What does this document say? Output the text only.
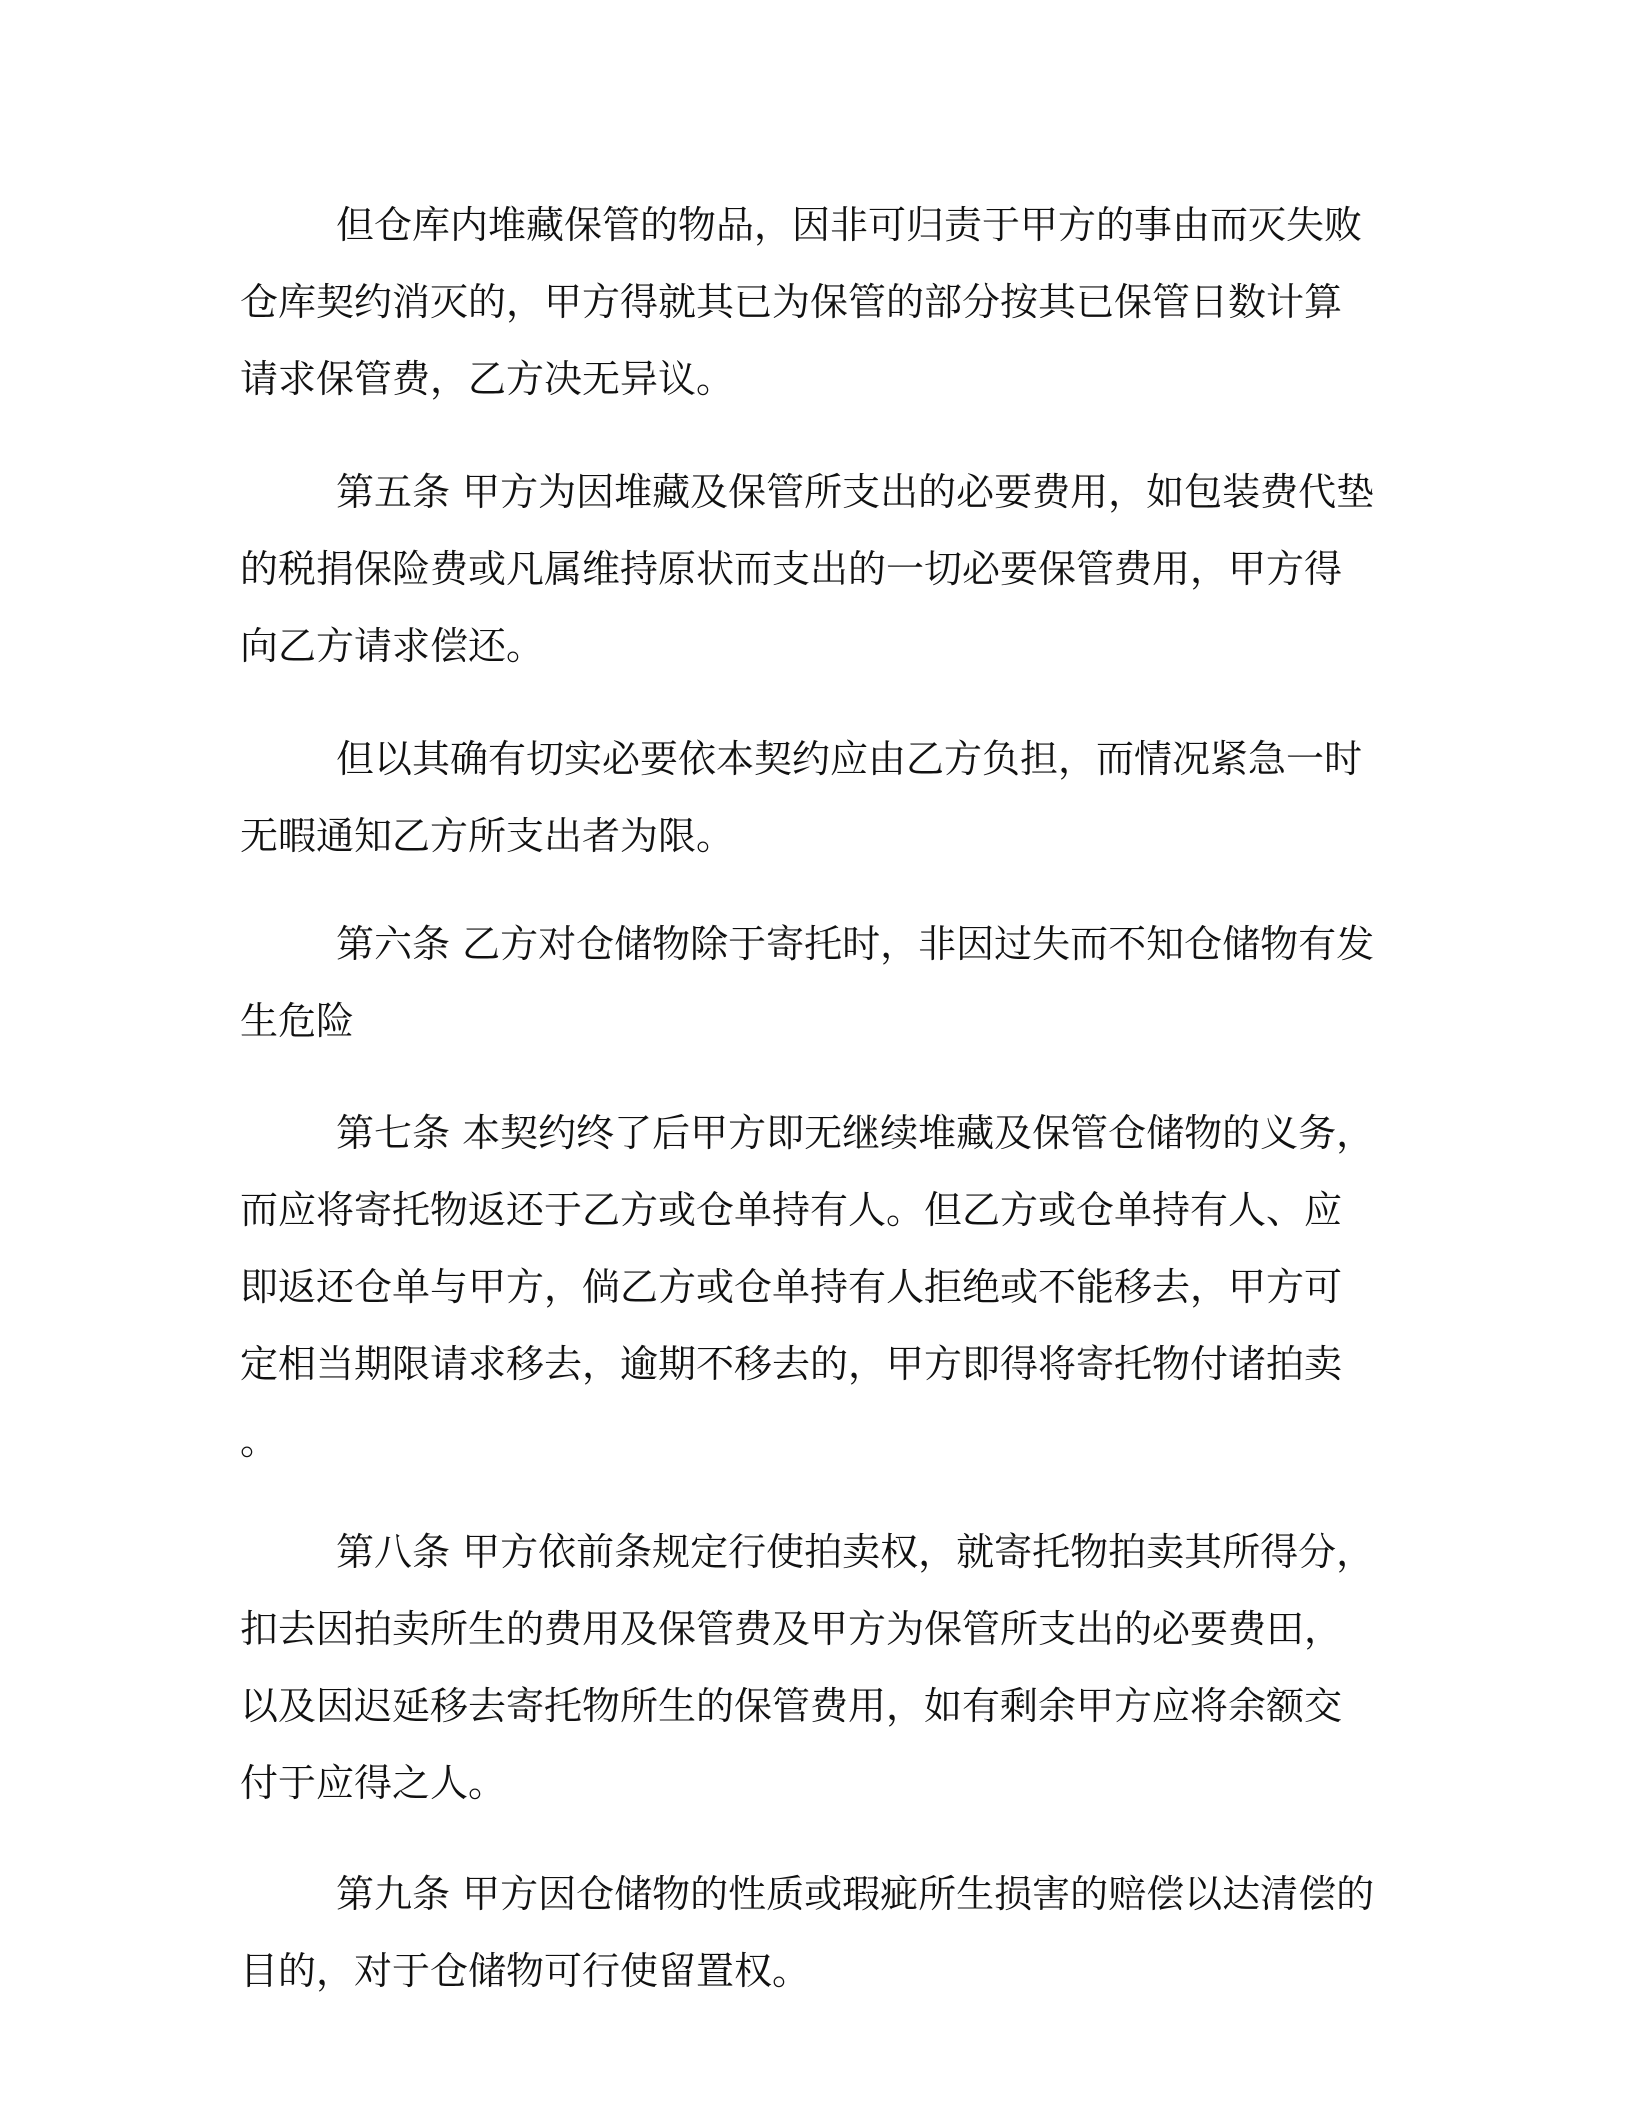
但仓库内堆藏保管的物品，因非可归责于甲方的事由而灭失败仓库契约消灭的，甲方得就其已为保管的部分按其已保管日数计算请求保管费，乙方决无异议。

第五条 甲方为因堆藏及保管所支出的必要费用，如包装费代垫的税捐保险费或凡属维持原状而支出的一切必要保管费用，甲方得向乙方请求偿还。

但以其确有切实必要依本契约应由乙方负担，而情况紧急一时无暇通知乙方所支出者为限。

第六条 乙方对仓储物除于寄托时，非因过失而不知仓储物有发生危险

第七条 本契约终了后甲方即无继续堆藏及保管仓储物的义务，而应将寄托物返还于乙方或仓单持有人。但乙方或仓单持有人、应即返还仓单与甲方，倘乙方或仓单持有人拒绝或不能移去，甲方可定相当期限请求移去，逾期不移去的，甲方即得将寄托物付诸拍卖。

第八条 甲方依前条规定行使拍卖权，就寄托物拍卖其所得分，扣去因拍卖所生的费用及保管费及甲方为保管所支出的必要费田，以及因迟延移去寄托物所生的保管费用，如有剩余甲方应将余额交付于应得之人。

第九条 甲方因仓储物的性质或瑕疵所生损害的赔偿以达清偿的目的，对于仓储物可行使留置权。
